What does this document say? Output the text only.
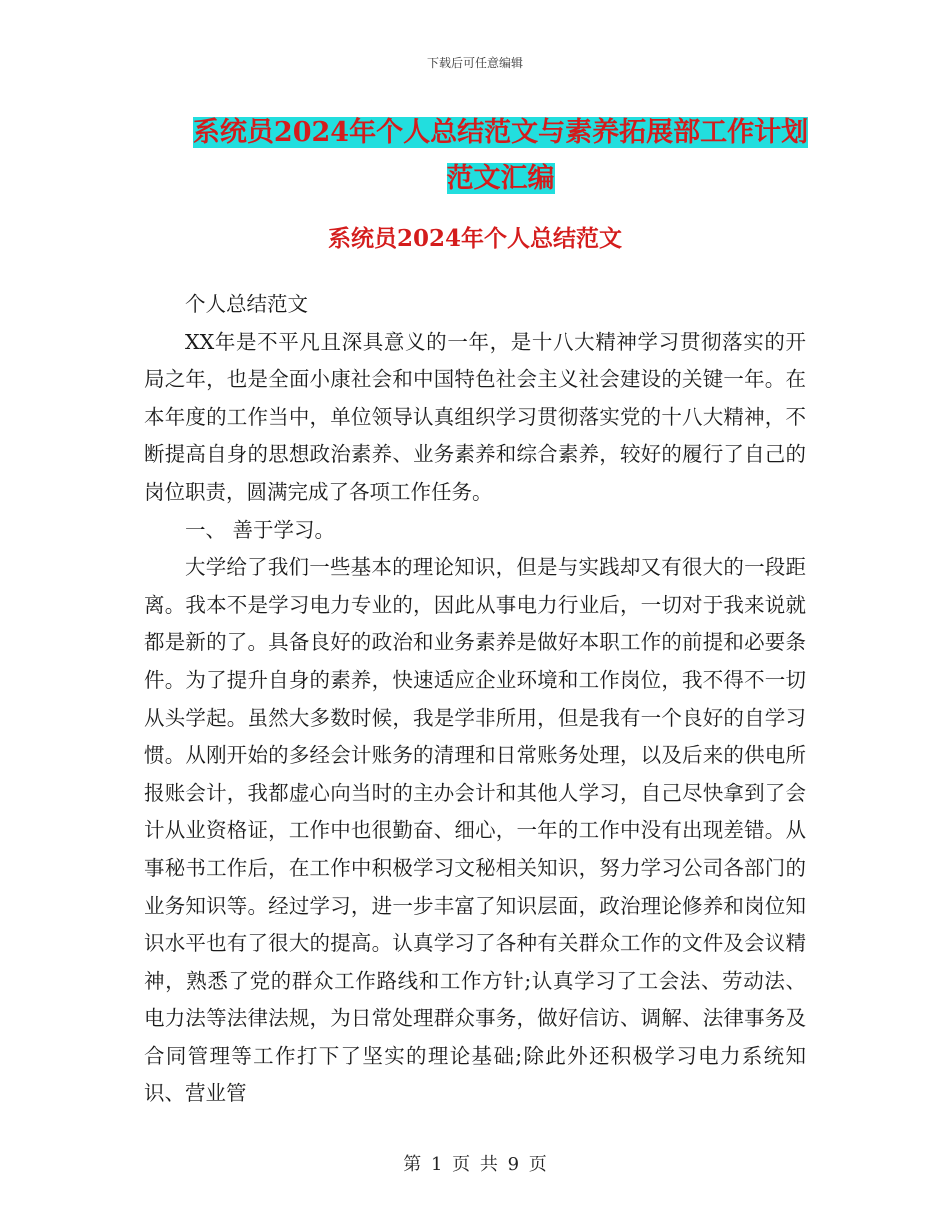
下载后可任意编辑
系统员2024年个人总结范文与素养拓展部工作计划范文汇编
系统员2024年个人总结范文

个人总结范文

XX年是不平凡且深具意义的一年，是十八大精神学习贯彻落实的开局之年，也是全面小康社会和中国特色社会主义社会建设的关键一年。在本年度的工作当中，单位领导认真组织学习贯彻落实党的十八大精神，不断提高自身的思想政治素养、业务素养和综合素养，较好的履行了自己的岗位职责，圆满完成了各项工作任务。

一、 善于学习。

大学给了我们一些基本的理论知识，但是与实践却又有很大的一段距离。我本不是学习电力专业的，因此从事电力行业后，一切对于我来说就都是新的了。具备良好的政治和业务素养是做好本职工作的前提和必要条件。为了提升自身的素养，快速适应企业环境和工作岗位，我不得不一切从头学起。虽然大多数时候，我是学非所用，但是我有一个良好的自学习惯。从刚开始的多经会计账务的清理和日常账务处理，以及后来的供电所报账会计，我都虚心向当时的主办会计和其他人学习，自己尽快拿到了会计从业资格证，工作中也很勤奋、细心，一年的工作中没有出现差错。从事秘书工作后，在工作中积极学习文秘相关知识，努力学习公司各部门的业务知识等。经过学习，进一步丰富了知识层面，政治理论修养和岗位知识水平也有了很大的提高。认真学习了各种有关群众工作的文件及会议精神，熟悉了党的群众工作路线和工作方针;认真学习了工会法、劳动法、电力法等法律法规，为日常处理群众事务，做好信访、调解、法律事务及合同管理等工作打下了坚实的理论基础;除此外还积极学习电力系统知识、营业管

第 1 页 共 9 页
